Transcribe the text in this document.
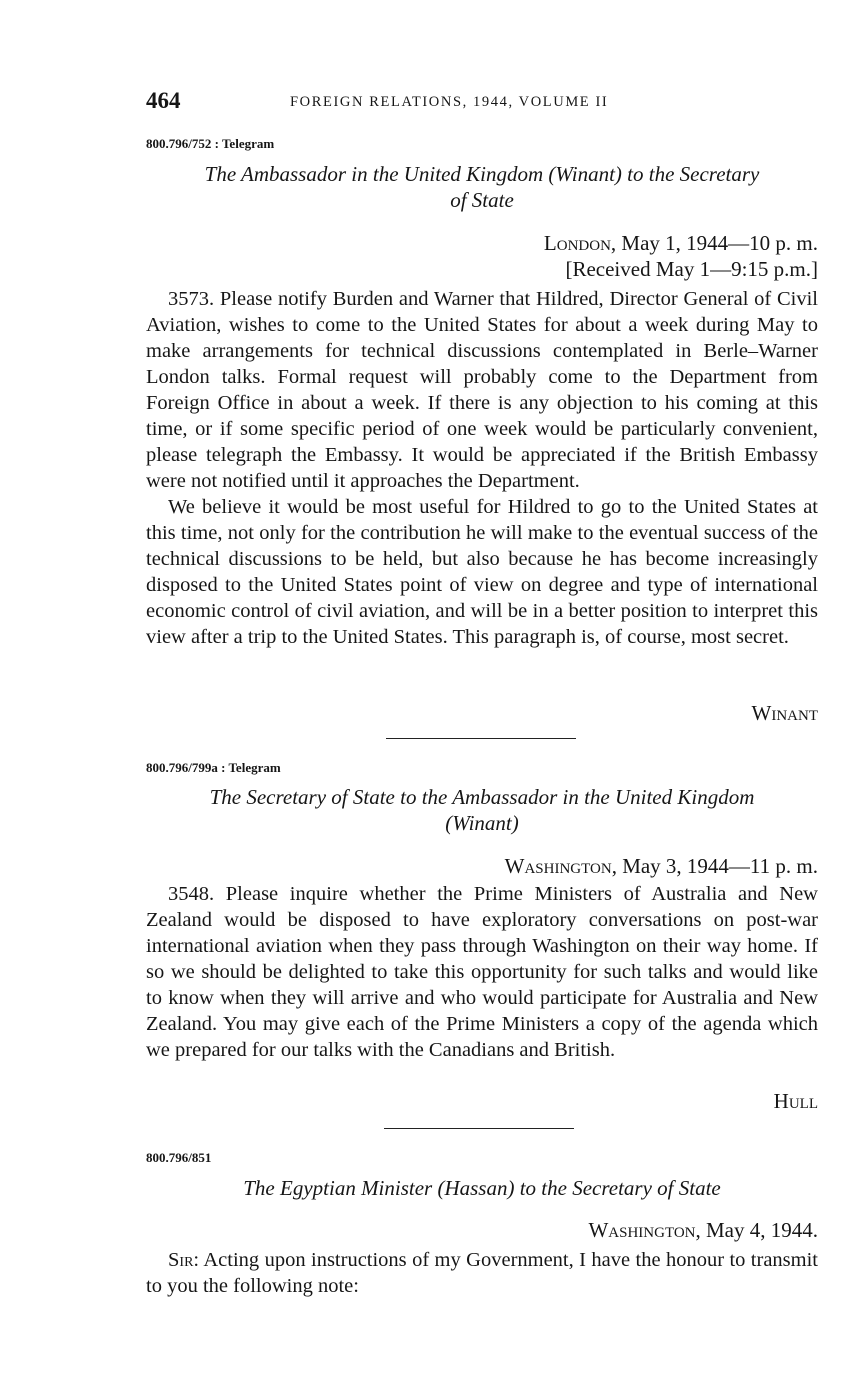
464	FOREIGN RELATIONS, 1944, VOLUME II
800.796/752 : Telegram
The Ambassador in the United Kingdom (Winant) to the Secretary
of State
London, May 1, 1944—10 p. m.
[Received May 1—9:15 p.m.]

3573. Please notify Burden and Warner that Hildred, Director General of Civil Aviation, wishes to come to the United States for about a week during May to make arrangements for technical discussions contemplated in Berle–Warner London talks. Formal request will probably come to the Department from Foreign Office in about a week. If there is any objection to his coming at this time, or if some specific period of one week would be particularly convenient, please telegraph the Embassy. It would be appreciated if the British Embassy were not notified until it approaches the Department.

We believe it would be most useful for Hildred to go to the United States at this time, not only for the contribution he will make to the eventual success of the technical discussions to be held, but also because he has become increasingly disposed to the United States point of view on degree and type of international economic control of civil aviation, and will be in a better position to interpret this view after a trip to the United States. This paragraph is, of course, most secret.

Winant
800.796/799a : Telegram
The Secretary of State to the Ambassador in the United Kingdom
(Winant)
Washington, May 3, 1944—11 p. m.

3548. Please inquire whether the Prime Ministers of Australia and New Zealand would be disposed to have exploratory conversations on post-war international aviation when they pass through Washington on their way home. If so we should be delighted to take this opportunity for such talks and would like to know when they will arrive and who would participate for Australia and New Zealand. You may give each of the Prime Ministers a copy of the agenda which we prepared for our talks with the Canadians and British.

Hull
800.796/851
The Egyptian Minister (Hassan) to the Secretary of State
Washington, May 4, 1944.

Sir: Acting upon instructions of my Government, I have the honour to transmit to you the following note:
